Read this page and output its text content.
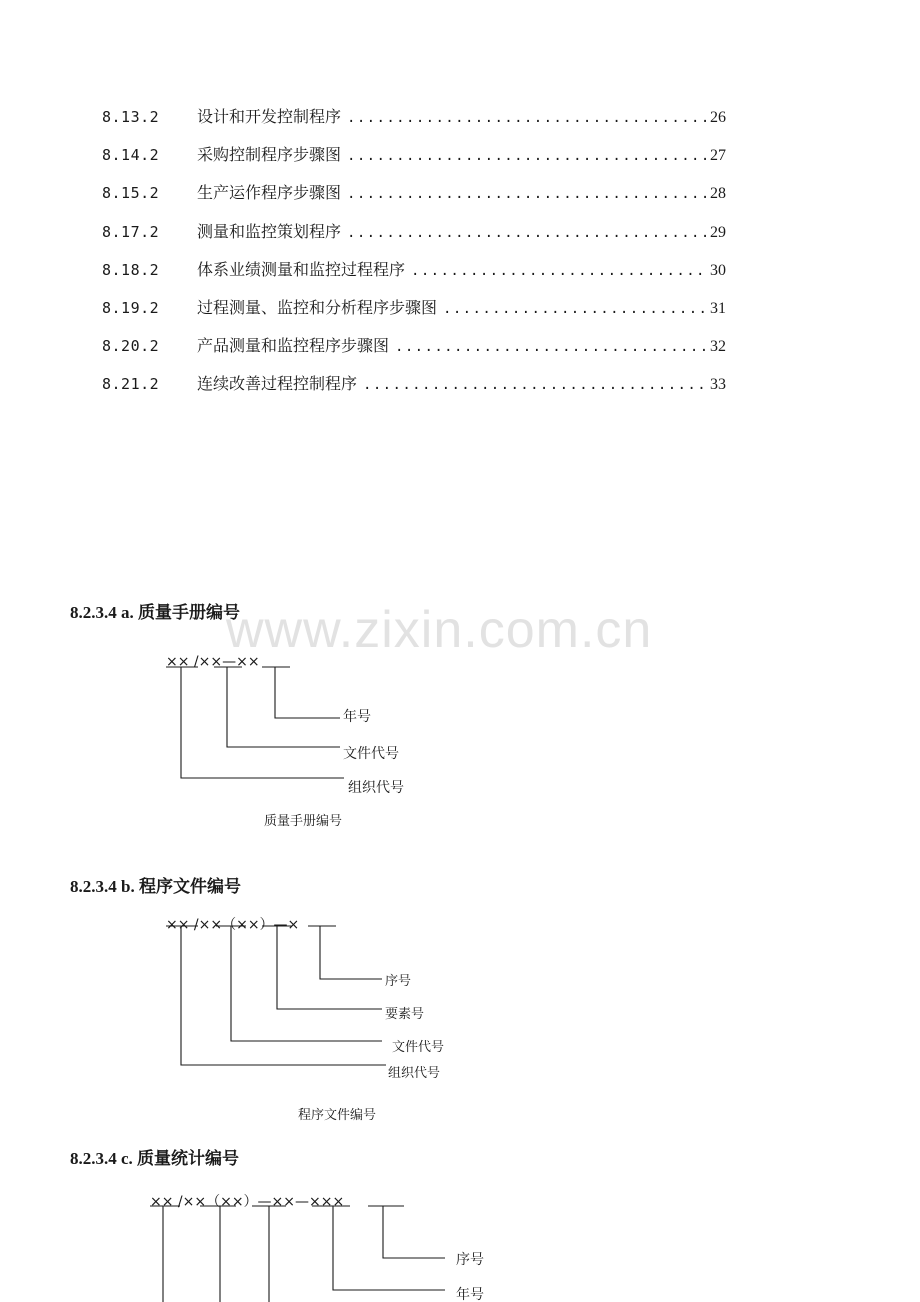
8.13.2	设计和开发控制程序 .....	26
8.14.2	采购控制程序步骤图 .....	27
8.15.2	生产运作程序步骤图 .....	28
8.17.2	测量和监控策划程序 .....	29
8.18.2	体系业绩测量和监控过程程序 .....	30
8.19.2	过程测量、监控和分析程序步骤图 .....	31
8.20.2	产品测量和监控程序步骤图 .....	32
8.21.2	连续改善过程控制程序 .....	33
www.zixin.com.cn
8.2.3.4 a. 质量手册编号
×× /××—××
年号
文件代号
组织代号
质量手册编号
8.2.3.4 b. 程序文件编号
×× /××（××）—×
序号
要素号
文件代号
组织代号
程序文件编号
8.2.3.4 c. 质量统计编号
×× /××（××）—××—×××
序号
年号
